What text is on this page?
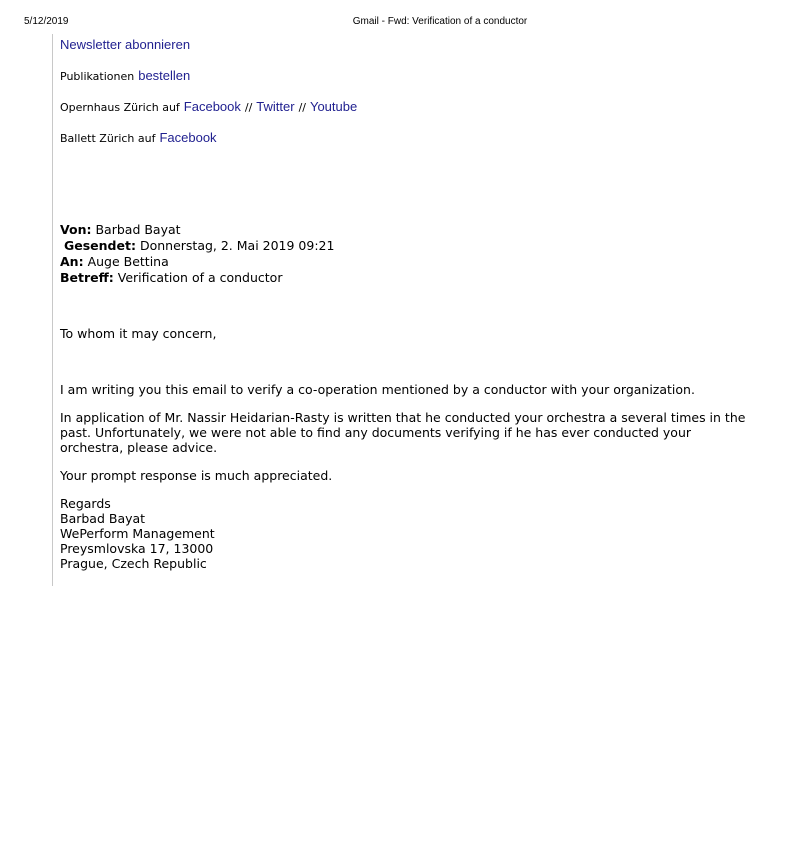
5/12/2019	Gmail - Fwd: Verification of a conductor
Newsletter abonnieren
Publikationen bestellen
Opernhaus Zürich auf Facebook // Twitter // Youtube
Ballett Zürich auf Facebook
Von: Barbad Bayat
Gesendet: Donnerstag, 2. Mai 2019 09:21
An: Auge Bettina
Betreff: Verification of a conductor
To whom it may concern,
I am writing you this email to verify a co-operation mentioned by a conductor with your organization.
In application of Mr. Nassir Heidarian-Rasty is written that he conducted your orchestra a several times in the past. Unfortunately, we were not able to find any documents verifying if he has ever conducted your orchestra, please advice.
Your prompt response is much appreciated.
Regards
Barbad Bayat
WePerform Management
Preysmlovska 17, 13000
Prague, Czech Republic
